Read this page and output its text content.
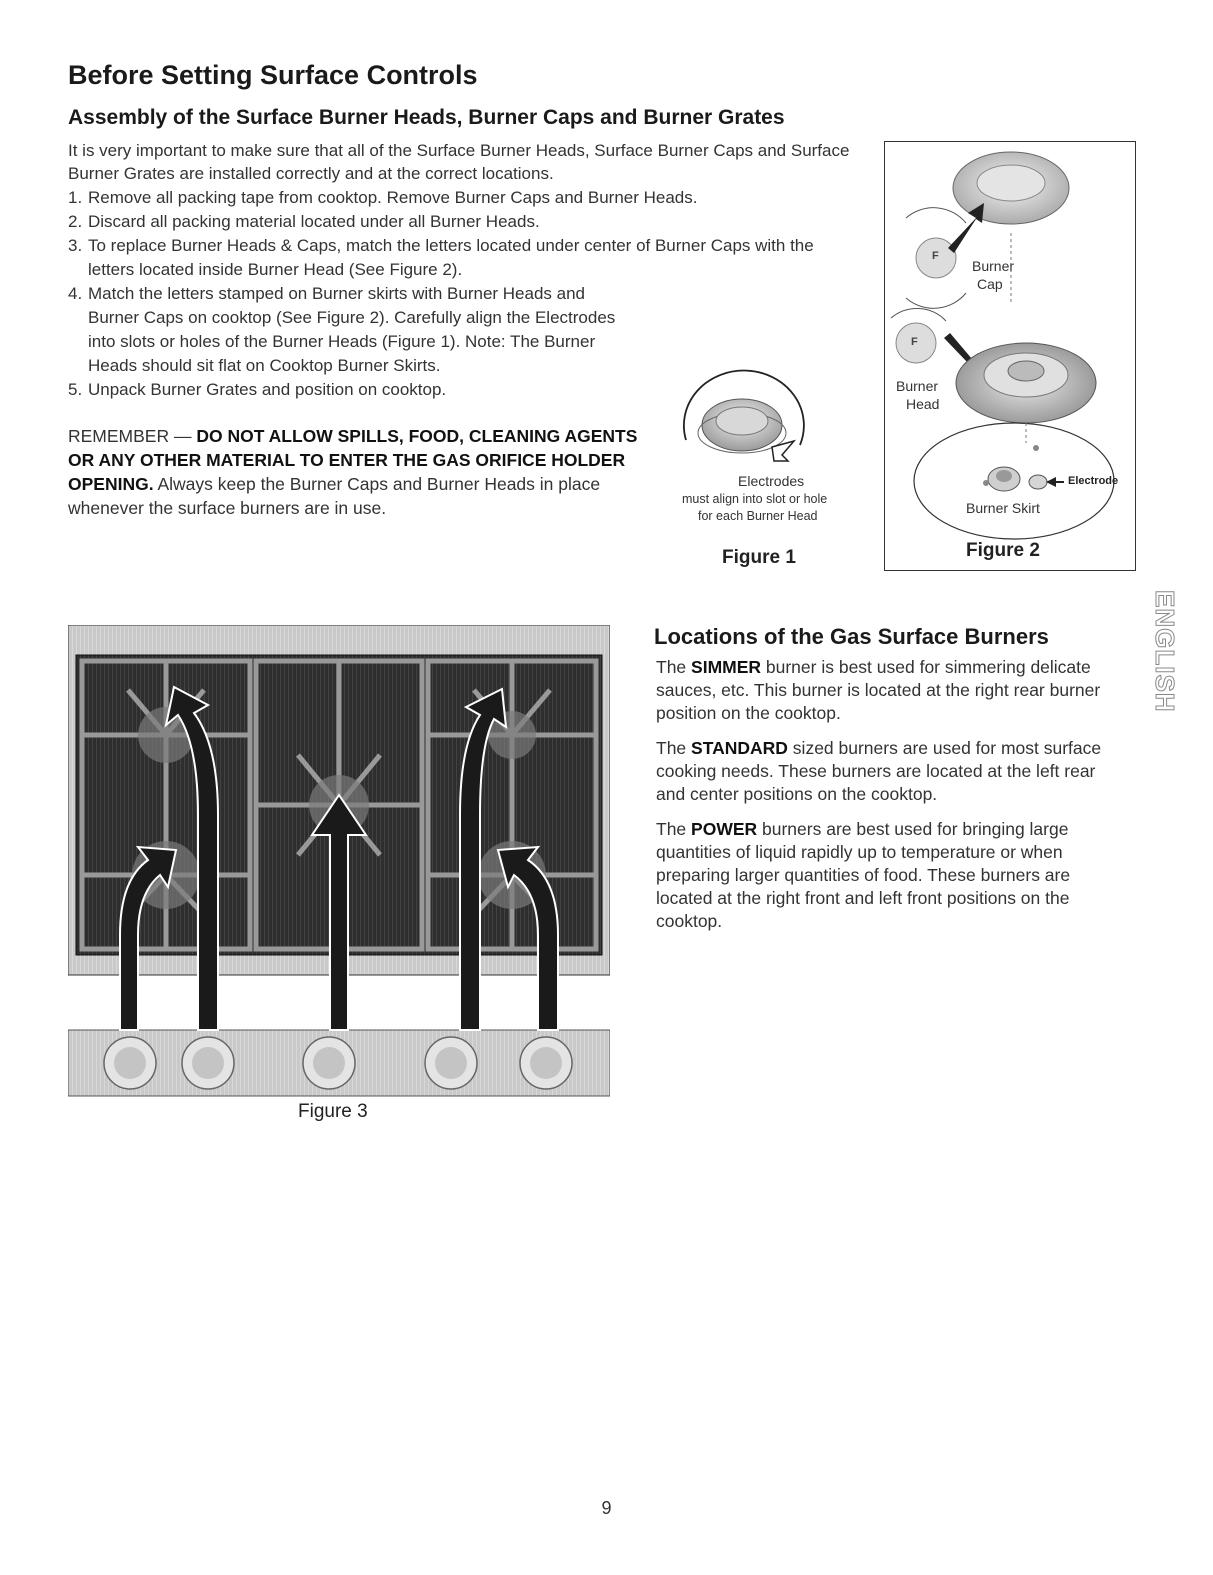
Before Setting Surface Controls
Assembly of the Surface Burner Heads, Burner Caps and Burner Grates
It is very important to make sure that all of the Surface Burner Heads, Surface Burner Caps and Surface Burner Grates are installed correctly and at the correct locations.
1. Remove all packing tape from cooktop. Remove Burner Caps and Burner Heads.
2. Discard all packing material located under all Burner Heads.
3. To replace Burner Heads & Caps, match the letters located under center of Burner Caps with the letters located inside Burner Head (See Figure 2).
4. Match the letters stamped on Burner skirts with Burner Heads and Burner Caps on cooktop (See Figure 2). Carefully align the Electrodes into slots or holes of the Burner Heads (Figure 1). Note: The Burner Heads should sit flat on Cooktop Burner Skirts.
5. Unpack Burner Grates and position on cooktop.
REMEMBER — DO NOT ALLOW SPILLS, FOOD, CLEANING AGENTS OR ANY OTHER MATERIAL TO ENTER THE GAS ORIFICE HOLDER OPENING. Always keep the Burner Caps and Burner Heads in place whenever the surface burners are in use.
Electrodes
must align into slot or hole
for each Burner Head
Figure 1
Burner
Cap
Burner
Head
Electrode
Burner Skirt
F
F
Figure 2
Figure 3
Locations of the Gas Surface Burners
The SIMMER burner is best used for simmering delicate sauces, etc. This burner is located at the right rear burner position on the cooktop.
The STANDARD sized burners are used for most surface cooking needs. These burners are located at the left rear and center positions on the cooktop.
The POWER burners are best used for bringing large quantities of liquid rapidly up to temperature or when preparing larger quantities of food. These burners are located at the right front and left front positions on the cooktop.
ENGLISH
9
